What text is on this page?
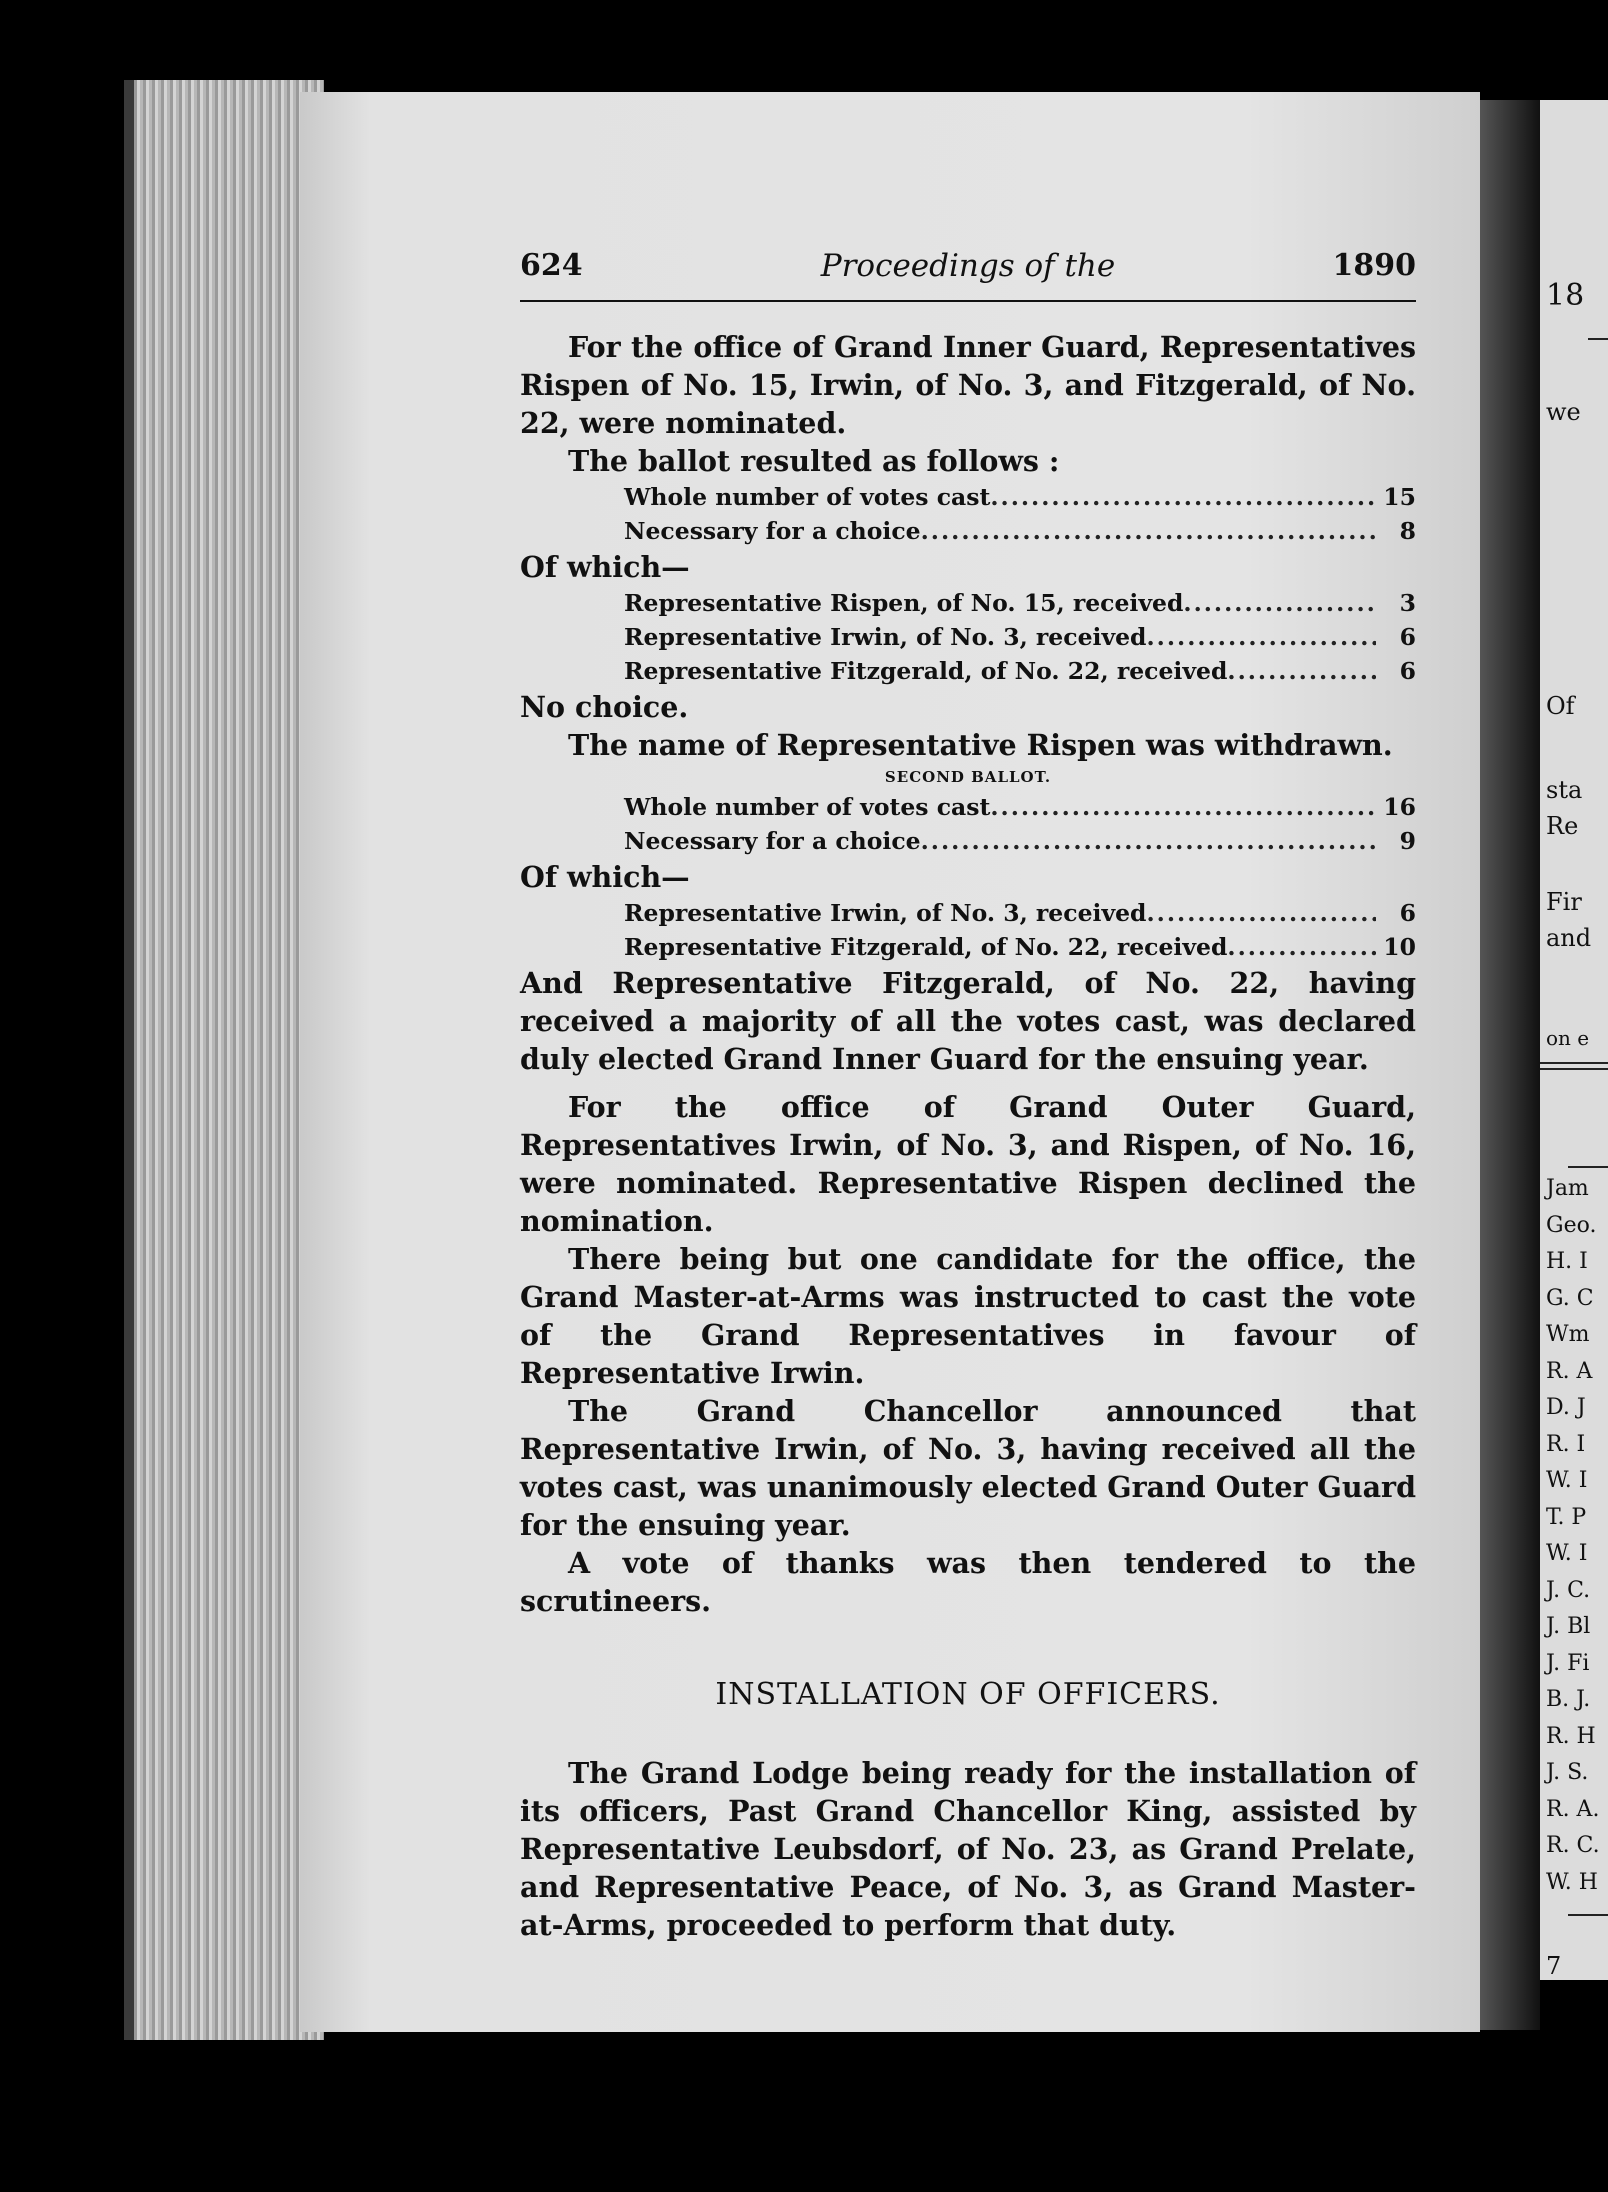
18
we
Of
sta
Re
Fir
and
on e
Jam
Geo.
H. I
G. C
Wm
R. A
D. J
R. I
W. I
T. P
W. I
J. C.
J. Bl
J. Fi
B. J.
R. H
J. S.
R. A.
R. C.
W. H
7
Proceedings of the
624	1890

For the office of Grand Inner Guard, Representatives Rispen of No. 15, Irwin, of No. 3, and Fitzgerald, of No. 22, were nominated.

The ballot resulted as follows :

Whole number of votes cast .....	15
Necessary for a choice .....	8

Of which—

Representative Rispen, of No. 15, received .....	3
Representative Irwin, of No. 3, received .....	6
Representative Fitzgerald, of No. 22, received .....	6

No choice.

The name of Representative Rispen was withdrawn.

SECOND BALLOT.
Whole number of votes cast .....	16
Necessary for a choice .....	9

Of which—

Representative Irwin, of No. 3, received .....	6
Representative Fitzgerald, of No. 22, received .....	10

And Representative Fitzgerald, of No. 22, having received a majority of all the votes cast, was declared duly elected Grand Inner Guard for the ensuing year.

For the office of Grand Outer Guard, Representatives Irwin, of No. 3, and Rispen, of No. 16, were nominated. Representative Rispen declined the nomination.

There being but one candidate for the office, the Grand Master-at-Arms was instructed to cast the vote of the Grand Representatives in favour of Representative Irwin.

The Grand Chancellor announced that Representative Irwin, of No. 3, having received all the votes cast, was unanimously elected Grand Outer Guard for the ensuing year.

A vote of thanks was then tendered to the scrutineers.

INSTALLATION OF OFFICERS.

The Grand Lodge being ready for the installation of its officers, Past Grand Chancellor King, assisted by Representative Leubsdorf, of No. 23, as Grand Prelate, and Representative Peace, of No. 3, as Grand Master-at-Arms, proceeded to perform that duty.
